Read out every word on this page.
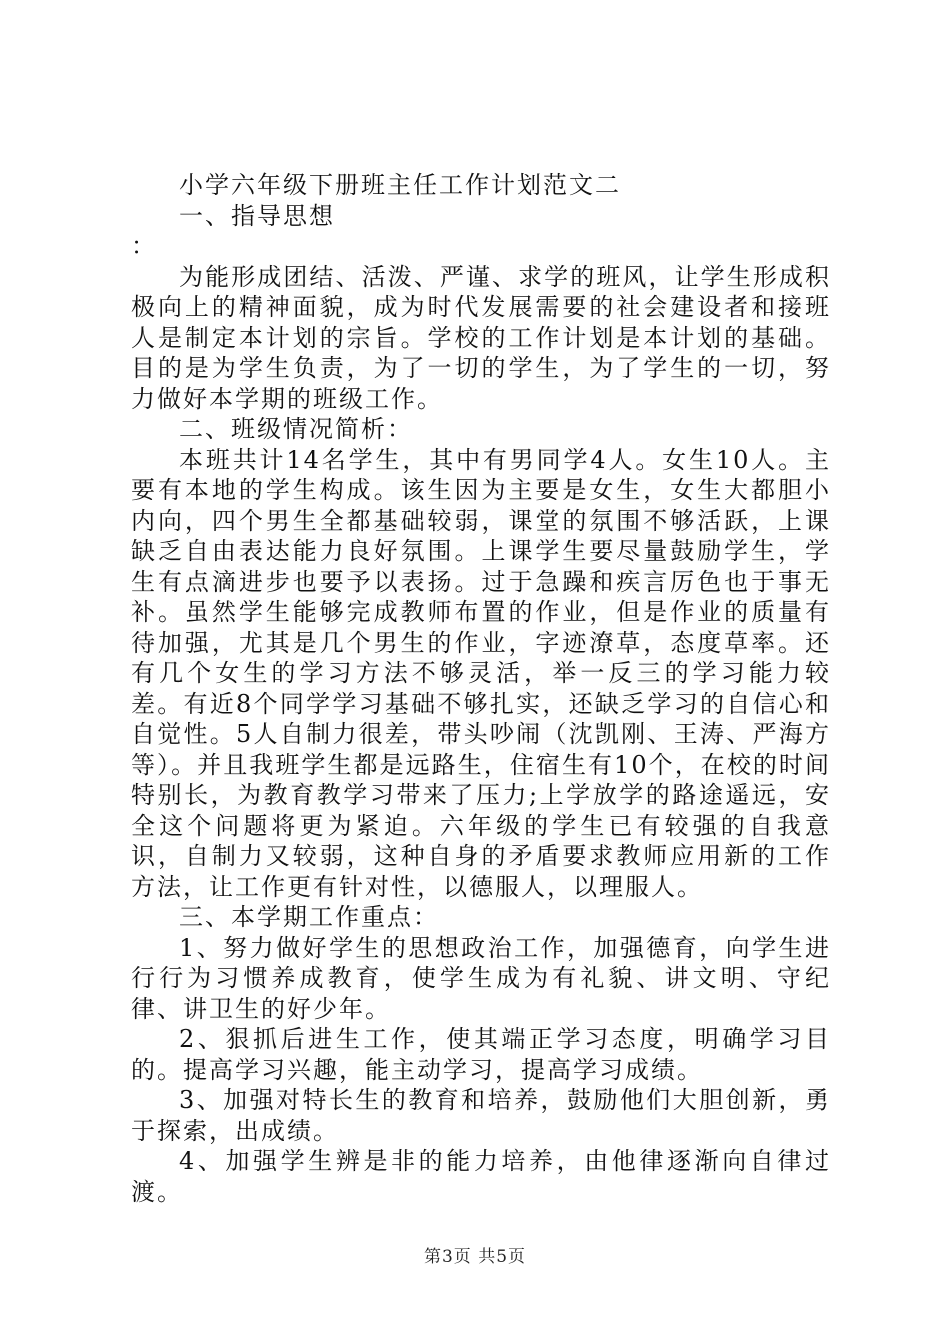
小学六年级下册班主任工作计划范文二

一、指导思想

：

为能形成团结、活泼、严谨、求学的班风，让学生形成积极向上的精神面貌，成为时代发展需要的社会建设者和接班人是制定本计划的宗旨。学校的工作计划是本计划的基础。目的是为学生负责，为了一切的学生，为了学生的一切，努力做好本学期的班级工作。

二、班级情况简析：

本班共计14名学生，其中有男同学4人。女生10人。主要有本地的学生构成。该生因为主要是女生，女生大都胆小内向，四个男生全都基础较弱，课堂的氛围不够活跃，上课缺乏自由表达能力良好氛围。上课学生要尽量鼓励学生，学生有点滴进步也要予以表扬。过于急躁和疾言厉色也于事无补。虽然学生能够完成教师布置的作业，但是作业的质量有待加强，尤其是几个男生的作业，字迹潦草，态度草率。还有几个女生的学习方法不够灵活，举一反三的学习能力较差。有近8个同学学习基础不够扎实，还缺乏学习的自信心和自觉性。5人自制力很差，带头吵闹（沈凯刚、王涛、严海方等）。并且我班学生都是远路生，住宿生有10个，在校的时间特别长，为教育教学习带来了压力;上学放学的路途遥远，安全这个问题将更为紧迫。六年级的学生已有较强的自我意识，自制力又较弱，这种自身的矛盾要求教师应用新的工作方法，让工作更有针对性，以德服人，以理服人。

三、本学期工作重点：

1、努力做好学生的思想政治工作，加强德育，向学生进行行为习惯养成教育，使学生成为有礼貌、讲文明、守纪律、讲卫生的好少年。

2、狠抓后进生工作，使其端正学习态度，明确学习目的。提高学习兴趣，能主动学习，提高学习成绩。

3、加强对特长生的教育和培养，鼓励他们大胆创新，勇于探索，出成绩。

4、加强学生辨是非的能力培养，由他律逐渐向自律过渡。

第3页 共5页
